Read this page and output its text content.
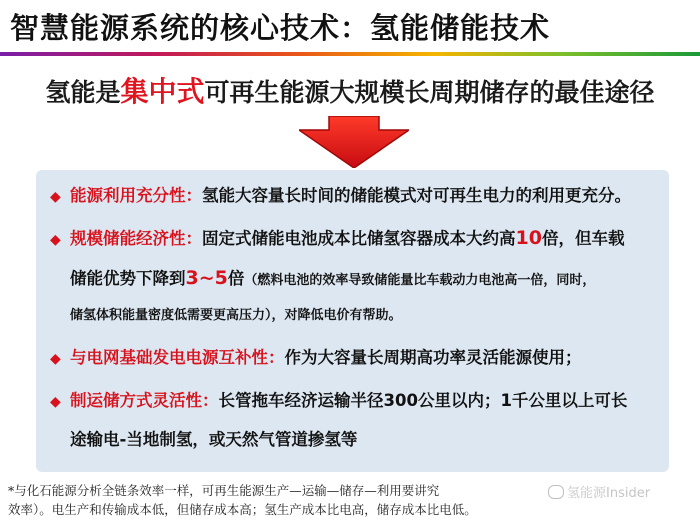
智慧能源系统的核心技术：氢能储能技术
氢能是集中式可再生能源大规模长周期储存的最佳途径
◆ 能源利用充分性：氢能大容量长时间的储能模式对可再生电力的利用更充分。
◆ 规模储能经济性：固定式储能电池成本比储氢容器成本大约高10倍，但车载
储能优势下降到3~5倍（燃料电池的效率导致储能量比车载动力电池高一倍，同时，
储氢体积能量密度低需要更高压力），对降低电价有帮助。
◆ 与电网基础发电电源互补性：作为大容量长周期高功率灵活能源使用；
◆ 制运储方式灵活性：长管拖车经济运输半径300公里以内；1千公里以上可长
途输电-当地制氢，或天然气管道掺氢等
*与化石能源分析全链条效率一样，可再生能源生产—运输—储存—利用要讲究
效率）。电生产和传输成本低，但储存成本高；氢生产成本比电高，储存成本比电低。
氢能源Insider
